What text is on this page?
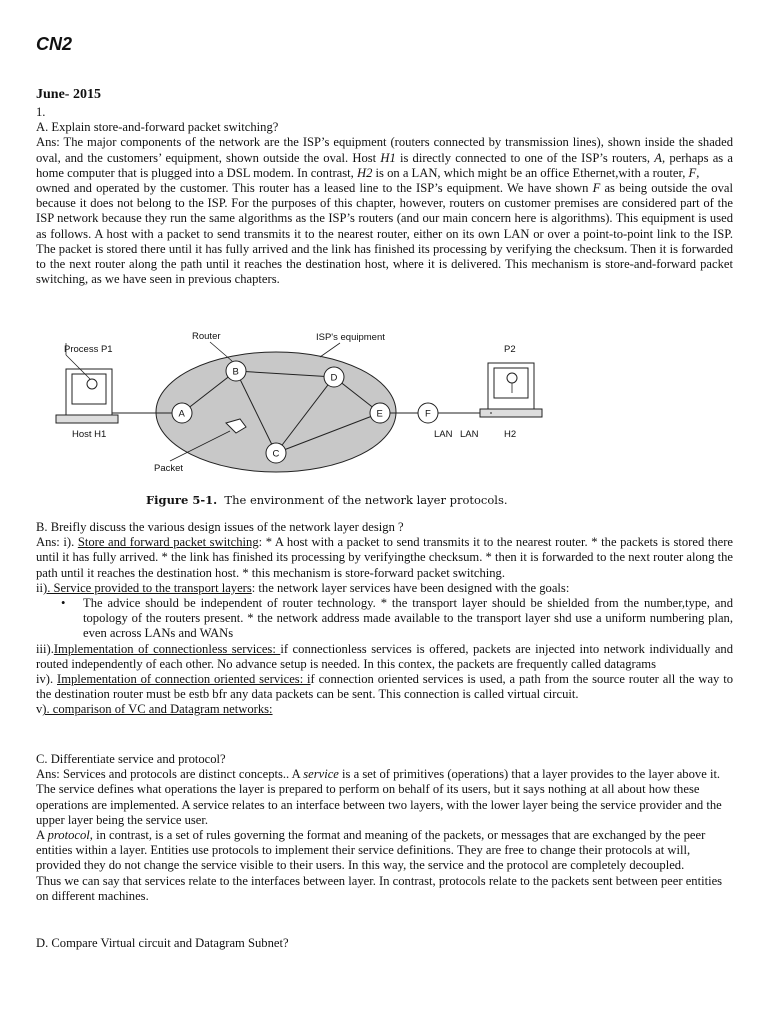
CN2
June- 2015

1.

A. Explain store-and-forward packet switching?

Ans: The major components of the network are the ISP’s equipment (routers connected by transmission lines), shown inside the shaded oval, and the customers’ equipment, shown outside the oval. Host H1 is directly connected to one of the ISP’s routers, A, perhaps as a home computer that is plugged into a DSL modem. In contrast, H2 is on a LAN, which might be an office Ethernet,with a router, F,

owned and operated by the customer. This router has a leased line to the ISP’s equipment. We have shown F as being outside the oval because it does not belong to the ISP. For the purposes of this chapter, however, routers on customer premises are considered part of the ISP network because they run the same algorithms as the ISP’s routers (and our main concern here is algorithms). This equipment is used as follows. A host with a packet to send transmits it to the nearest router, either on its own LAN or over a point-to-point link to the ISP. The packet is stored there until it has fully arrived and the link has finished its processing by verifying the checksum. Then it is forwarded to the next router along the path until it reaches the destination host, where it is delivered. This mechanism is store-and-forward packet switching, as we have seen in previous chapters.

A
B
C
D
E	F
Packet
Router	ISP's equipment
Process P1
Host H1	LAN
P2
LAN	H2
Figure 5-1. The environment of the network layer protocols.

B. Breifly discuss the various design issues of the network layer design ?

Ans: i). Store and forward packet switching: * A host with a packet to send transmits it to the nearest router. * the packets is stored there until it has fully arrived. * the link has finished its processing by verifyingthe checksum. * then it is forwarded to the next router along the path until it reaches the destination host. * this mechanism is store-forward packet switching.

ii). Service provided to the transport layers: the network layer services have been designed with the goals:

• The advice should be independent of router technology. * the transport layer should be shielded from the number,type, and topology of the routers present. * the network address made available to the transport layer shd use a uniform numbering plan, even across LANs and WANs

iii).Implementation of connectionless services: if connectionless services is offered, packets are injected into network individually and routed independently of each other. No advance setup is needed. In this contex, the packets are frequently called datagrams

iv). Implementation of connection oriented services: if connection oriented services is used, a path from the source router all the way to the destination router must be estb bfr any data packets can be sent. This connection is called virtual circuit.

v). comparison of VC and Datagram networks:

C. Differentiate service and protocol?

Ans: Services and protocols are distinct concepts.. A service is a set of primitives (operations) that a layer provides to the layer above it. The service defines what operations the layer is prepared to perform on behalf of its users, but it says nothing at all about how these operations are implemented. A service relates to an interface between two layers, with the lower layer being the service provider and the upper layer being the service user.

A protocol, in contrast, is a set of rules governing the format and meaning of the packets, or messages that are exchanged by the peer entities within a layer. Entities use protocols to implement their service definitions. They are free to change their protocols at will, provided they do not change the service visible to their users. In this way, the service and the protocol are completely decoupled.

Thus we can say that services relate to the interfaces between layer. In contrast, protocols relate to the packets sent between peer entities on different machines.

D. Compare Virtual circuit and Datagram Subnet?
